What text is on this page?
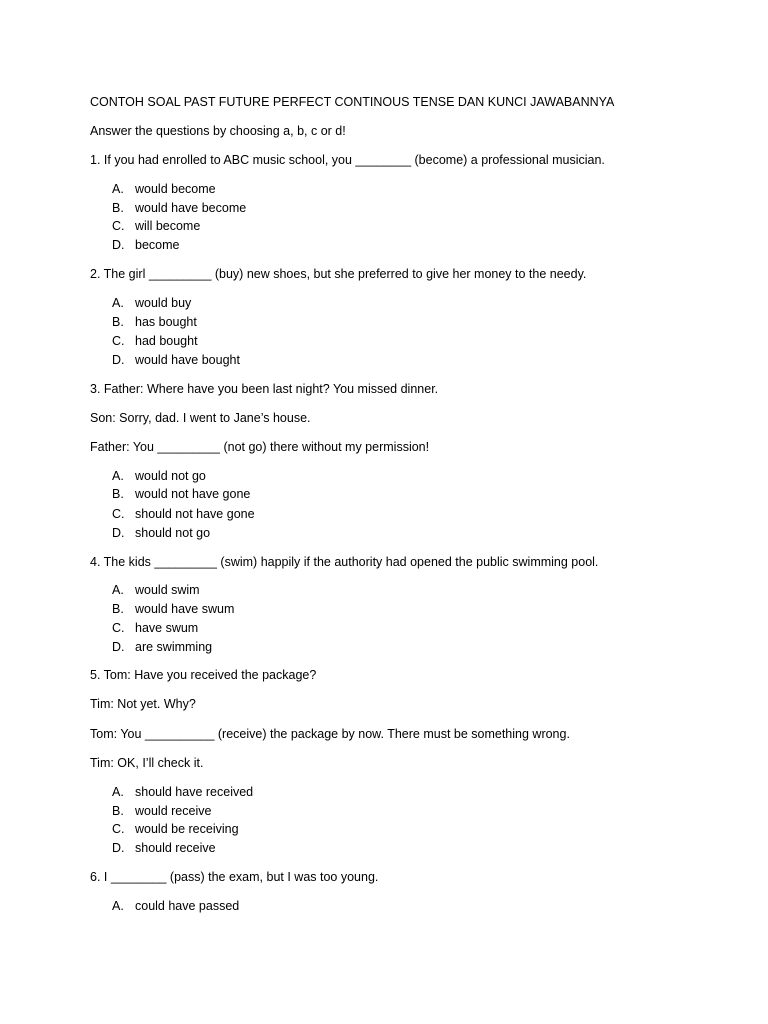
CONTOH SOAL PAST FUTURE PERFECT CONTINOUS TENSE DAN KUNCI JAWABANNYA
Answer the questions by choosing a, b, c or d!
1. If you had enrolled to ABC music school, you ________ (become) a professional musician.
A. would become
B. would have become
C. will become
D. become
2. The girl _________ (buy) new shoes, but she preferred to give her money to the needy.
A. would buy
B. has bought
C. had bought
D. would have bought
3. Father: Where have you been last night? You missed dinner.
Son: Sorry, dad. I went to Jane’s house.
Father: You _________ (not go) there without my permission!
A. would not go
B. would not have gone
C. should not have gone
D. should not go
4. The kids _________ (swim) happily if the authority had opened the public swimming pool.
A. would swim
B. would have swum
C. have swum
D. are swimming
5. Tom: Have you received the package?
Tim: Not yet. Why?
Tom: You __________ (receive) the package by now. There must be something wrong.
Tim: OK, I’ll check it.
A. should have received
B. would receive
C. would be receiving
D. should receive
6. I ________ (pass) the exam, but I was too young.
A. could have passed
